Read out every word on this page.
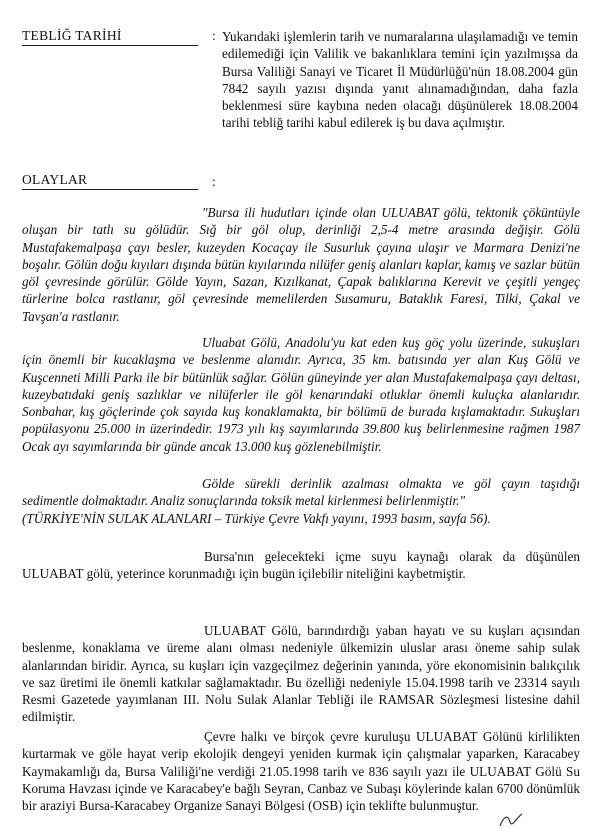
TEBLİĞ TARİHİ	: Yukarıdaki işlemlerin tarih ve numaralarına ulaşılamadığı ve temin edilemediği için Valilik ve bakanlıklara temini için yazılmışsa da Bursa Valiliği Sanayi ve Ticaret İl Müdürlüğü'nün 18.08.2004 gün 7842 sayılı yazısı dışında yanıt alınamadığından, daha fazla beklenmesi süre kaybına neden olacağı düşünülerek 18.08.2004 tarihi tebliğ tarihi kabul edilerek iş bu dava açılmıştır.

OLAYLAR	:

"Bursa ili hudutları içinde olan ULUABAT gölü, tektonik çöküntüyle oluşan bir tatlı su gölüdür. Sığ bir göl olup, derinliği 2,5-4 metre arasında değişir. Gölü Mustafakemalpaşa çayı besler, kuzeyden Kocaçay ile Susurluk çayına ulaşır ve Marmara Denizi'ne boşalır. Gölün doğu kıyıları dışında bütün kıyılarında nilüfer geniş alanları kaplar, kamış ve sazlar bütün göl çevresinde görülür. Gölde Yayın, Sazan, Kızılkanat, Çapak balıklarına Kerevit ve çeşitli yengeç türlerine bolca rastlanır, göl çevresinde memelilerden Susamuru, Bataklık Faresi, Tilki, Çakal ve Tavşan'a rastlanır.

Uluabat Gölü, Anadolu'yu kat eden kuş göç yolu üzerinde, sukuşları için önemli bir kucaklaşma ve beslenme alanıdır. Ayrıca, 35 km. batısında yer alan Kuş Gölü ve Kuşcenneti Milli Parkı ile bir bütünlük sağlar. Gölün güneyinde yer alan Mustafakemalpaşa çayı deltası, kuzeybatıdaki geniş sazlıklar ve nilüferler ile göl kenarındaki otluklar önemli kuluçka alanlarıdır. Sonbahar, kış göçlerinde çok sayıda kuş konaklamakta, bir bölümü de burada kışlamaktadır. Sukuşları popülasyonu 25.000 in üzerindedir. 1973 yılı kış sayımlarında 39.800 kuş belirlenmesine rağmen 1987 Ocak ayı sayımlarında bir günde ancak 13.000 kuş gözlenebilmiştir.

Gölde sürekli derinlik azalması olmakta ve göl çayın taşıdığı sedimentle dolmaktadır. Analiz sonuçlarında toksik metal kirlenmesi belirlenmiştir."

(TÜRKİYE'NİN SULAK ALANLARI – Türkiye Çevre Vakfı yayını, 1993 basım, sayfa 56).

Bursa'nın gelecekteki içme suyu kaynağı olarak da düşünülen ULUABAT gölü, yeterince korunmadığı için bugün içilebilir niteliğini kaybetmiştir.

ULUABAT Gölü, barındırdığı yaban hayatı ve su kuşları açısından beslenme, konaklama ve üreme alanı olması nedeniyle ülkemizin uluslar arası öneme sahip sulak alanlarından biridir. Ayrıca, su kuşları için vazgeçilmez değerinin yanında, yöre ekonomisinin balıkçılık ve saz üretimi ile önemli katkılar sağlamaktadır. Bu özelliği nedeniyle 15.04.1998 tarih ve 23314 sayılı Resmi Gazetede yayımlanan III. Nolu Sulak Alanlar Tebliği ile RAMSAR Sözleşmesi listesine dahil edilmiştir.

Çevre halkı ve birçok çevre kuruluşu ULUABAT Gölünü kirlilikten kurtarmak ve göle hayat verip ekolojik dengeyi yeniden kurmak için çalışmalar yaparken, Karacabey Kaymakamlığı da, Bursa Valiliği'ne verdiği 21.05.1998 tarih ve 836 sayılı yazı ile ULUABAT Gölü Su Koruma Havzası içinde ve Karacabey'e bağlı Seyran, Canbaz ve Subaşı köylerinde kalan 6700 dönümlük bir araziyi Bursa-Karacabey Organize Sanayi Bölgesi (OSB) için teklifte bulunmuştur.
